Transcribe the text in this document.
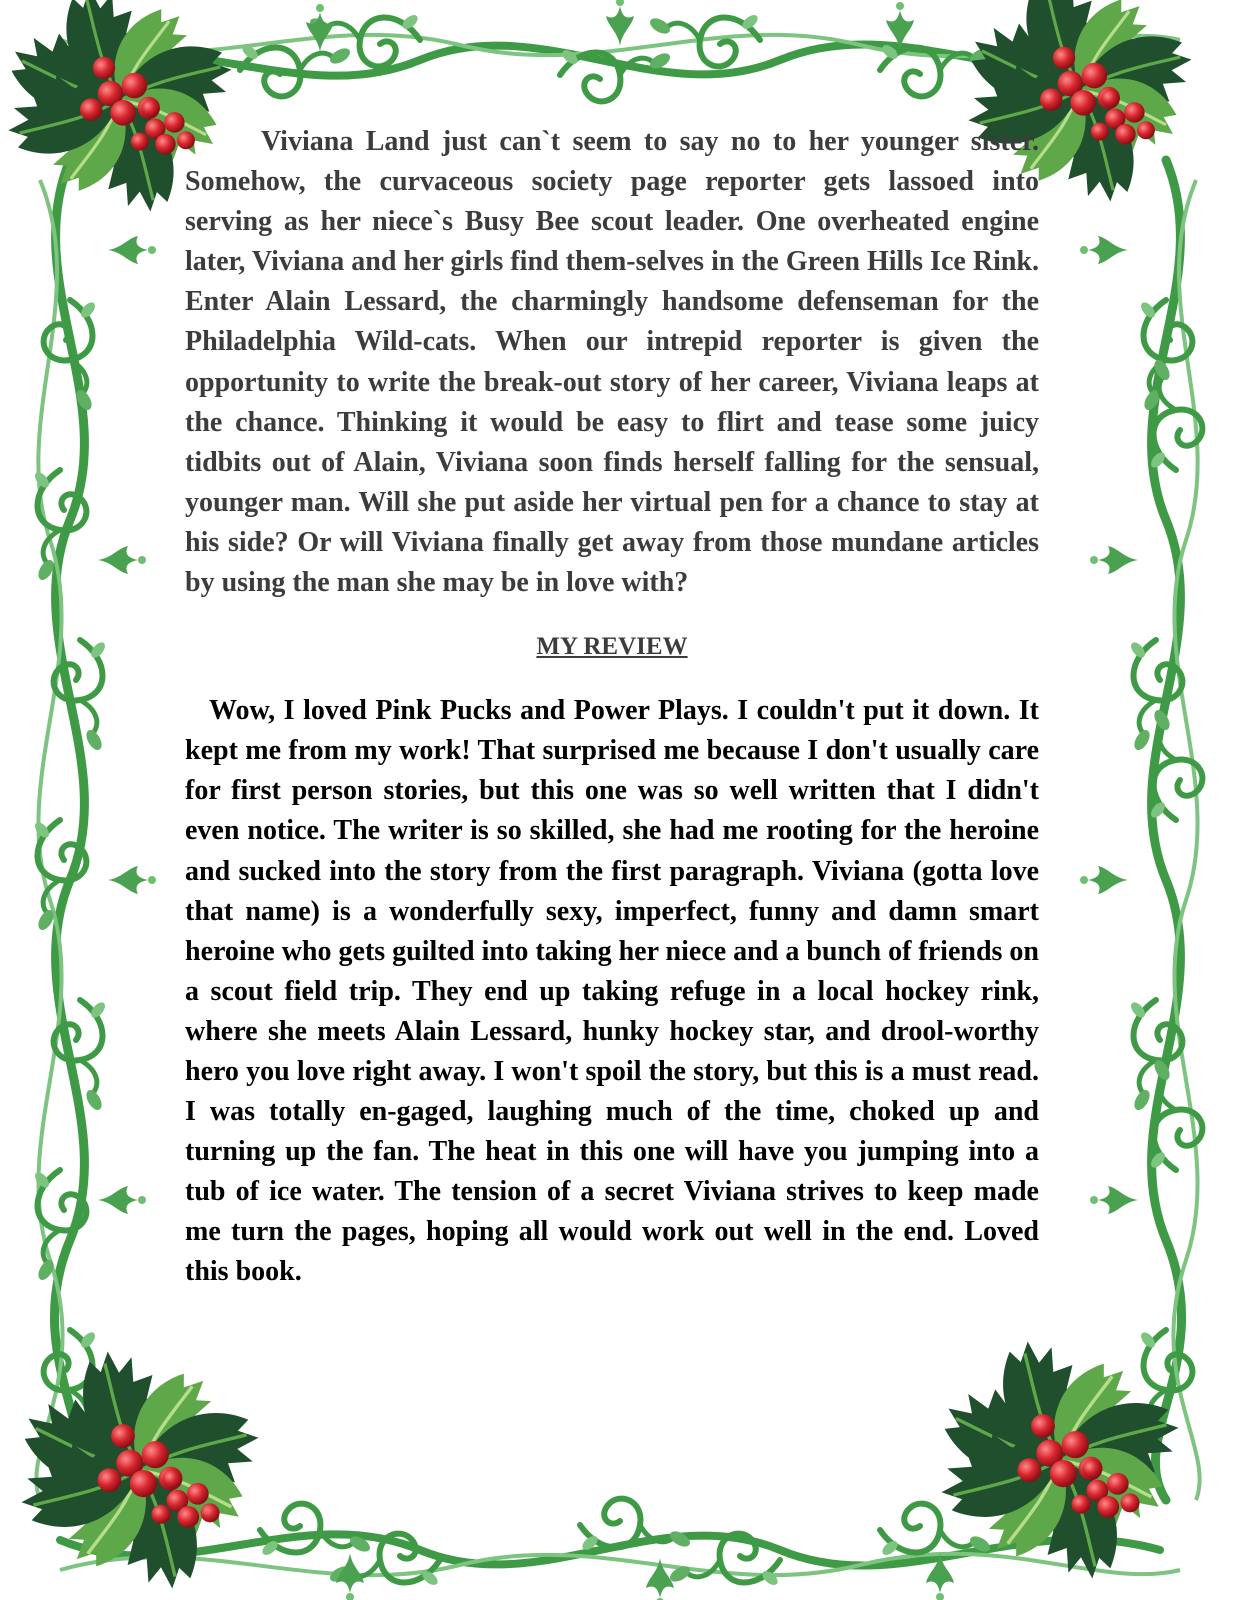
Viviana Land just can`t seem to say no to her younger sister. Somehow, the curvaceous society page reporter gets lassoed into serving as her niece`s Busy Bee scout leader. One overheated engine later, Viviana and her girls find them-selves in the Green Hills Ice Rink. Enter Alain Lessard, the charmingly handsome defenseman for the Philadelphia Wild-cats. When our intrepid reporter is given the opportunity to write the break-out story of her career, Viviana leaps at the chance. Thinking it would be easy to flirt and tease some juicy tidbits out of Alain, Viviana soon finds herself falling for the sensual, younger man. Will she put aside her virtual pen for a chance to stay at his side? Or will Viviana finally get away from those mundane articles by using the man she may be in love with?

MY REVIEW

Wow, I loved Pink Pucks and Power Plays. I couldn't put it down. It kept me from my work! That surprised me because I don't usually care for first person stories, but this one was so well written that I didn't even notice. The writer is so skilled, she had me rooting for the heroine and sucked into the story from the first paragraph. Viviana (gotta love that name) is a wonderfully sexy, imperfect, funny and damn smart heroine who gets guilted into taking her niece and a bunch of friends on a scout field trip. They end up taking refuge in a local hockey rink, where she meets Alain Lessard, hunky hockey star, and drool-worthy hero you love right away. I won't spoil the story, but this is a must read. I was totally en-gaged, laughing much of the time, choked up and turning up the fan. The heat in this one will have you jumping into a tub of ice water. The tension of a secret Viviana strives to keep made me turn the pages, hoping all would work out well in the end. Loved this book.
